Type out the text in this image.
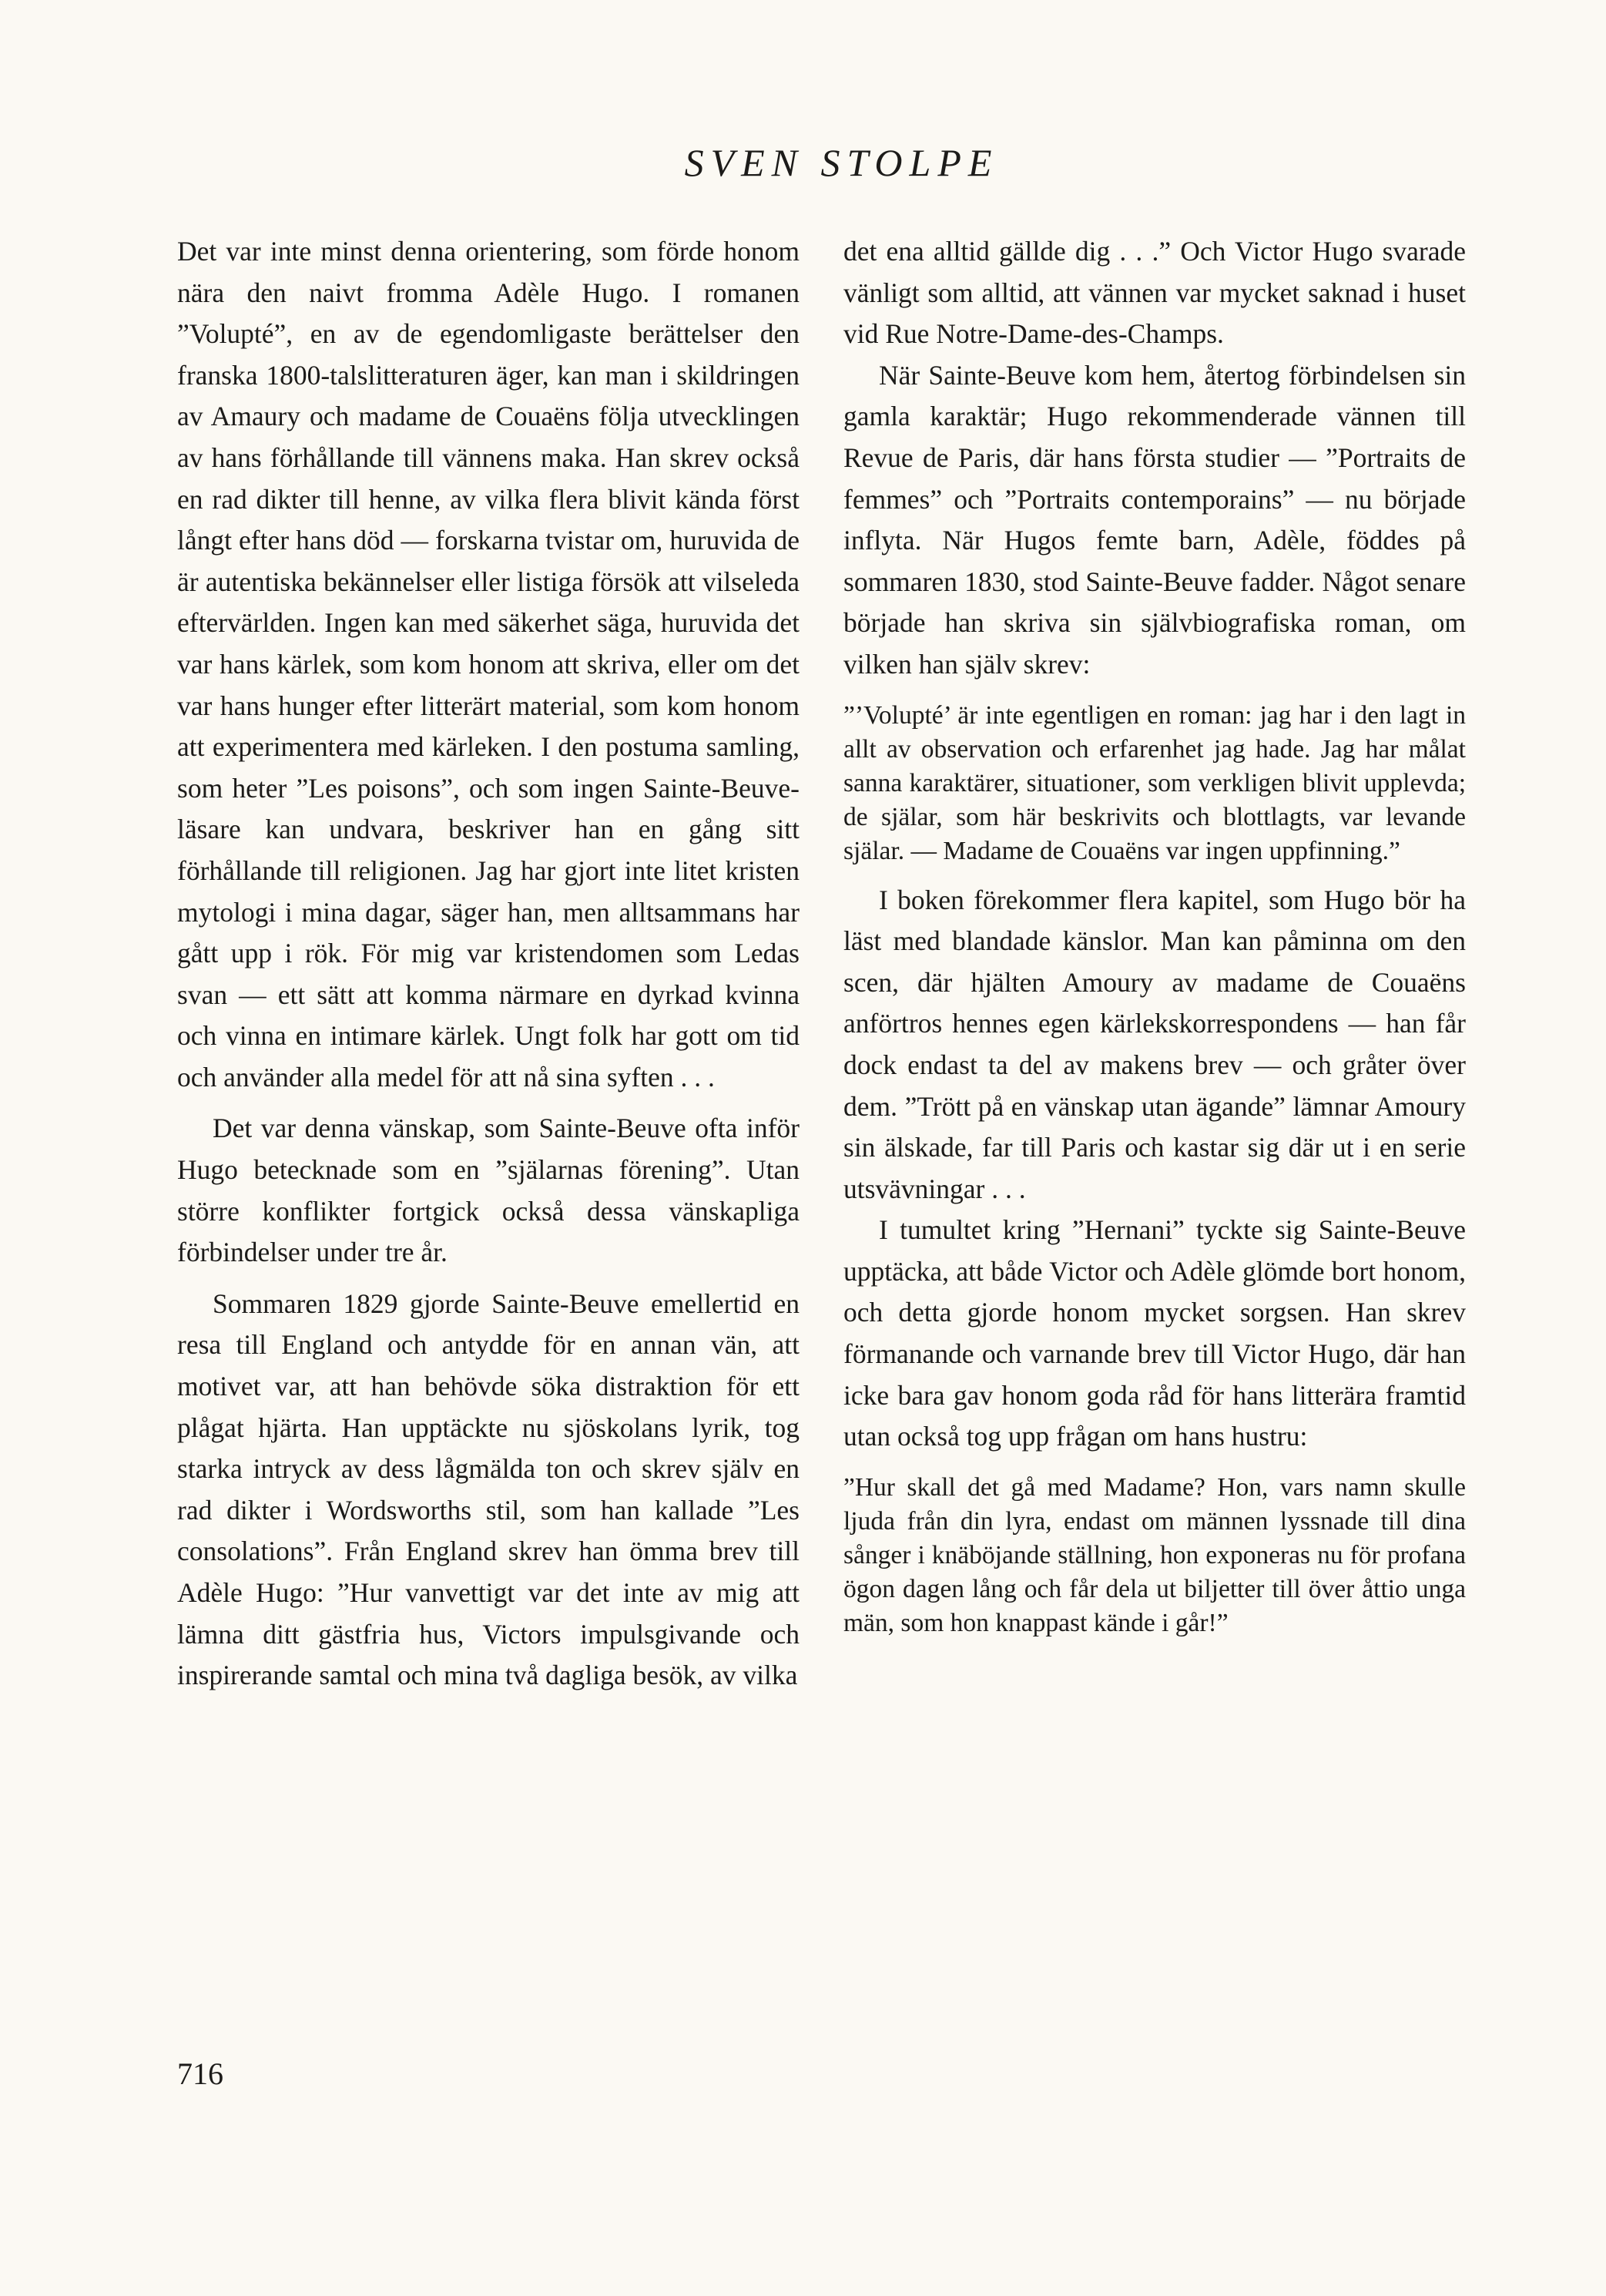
SVEN STOLPE

Det var inte minst denna orientering, som förde honom nära den naivt fromma Adèle Hugo. I romanen ”Volupté”, en av de egendomligaste berättelser den franska 1800-talslitteraturen äger, kan man i skildringen av Amaury och madame de Couaëns följa utvecklingen av hans förhållande till vännens maka. Han skrev också en rad dikter till henne, av vilka flera blivit kända först långt efter hans död — forskarna tvistar om, huruvida de är autentiska bekännelser eller listiga försök att vilseleda eftervärlden. Ingen kan med säkerhet säga, huruvida det var hans kärlek, som kom honom att skriva, eller om det var hans hunger efter litterärt material, som kom honom att experimentera med kärleken. I den postuma samling, som heter ”Les poisons”, och som ingen Sainte-Beuve-läsare kan undvara, beskriver han en gång sitt förhållande till religionen. Jag har gjort inte litet kristen mytologi i mina dagar, säger han, men alltsammans har gått upp i rök. För mig var kristendomen som Ledas svan — ett sätt att komma närmare en dyrkad kvinna och vinna en intimare kärlek. Ungt folk har gott om tid och använder alla medel för att nå sina syften . . .

Det var denna vänskap, som Sainte-Beuve ofta inför Hugo betecknade som en ”själarnas förening”. Utan större konflikter fortgick också dessa vänskapliga förbindelser under tre år.

Sommaren 1829 gjorde Sainte-Beuve emellertid en resa till England och antydde för en annan vän, att motivet var, att han behövde söka distraktion för ett plågat hjärta. Han upptäckte nu sjöskolans lyrik, tog starka intryck av dess lågmälda ton och skrev själv en rad dikter i Wordsworths stil, som han kallade ”Les consolations”. Från England skrev han ömma brev till Adèle Hugo: ”Hur vanvettigt var det inte av mig att lämna ditt gästfria hus, Victors impulsgivande och inspirerande samtal och mina två dagliga besök, av vilka

det ena alltid gällde dig . . .” Och Victor Hugo svarade vänligt som alltid, att vännen var mycket saknad i huset vid Rue Notre-Dame-des-Champs.

När Sainte-Beuve kom hem, återtog förbindelsen sin gamla karaktär; Hugo rekommenderade vännen till Revue de Paris, där hans första studier — ”Portraits de femmes” och ”Portraits contemporains” — nu började inflyta. När Hugos femte barn, Adèle, föddes på sommaren 1830, stod Sainte-Beuve fadder. Något senare började han skriva sin självbiografiska roman, om vilken han själv skrev:

”’Volupté’ är inte egentligen en roman: jag har i den lagt in allt av observation och erfarenhet jag hade. Jag har målat sanna karaktärer, situationer, som verkligen blivit upplevda; de själar, som här beskrivits och blottlagts, var levande själar. — Madame de Couaëns var ingen uppfinning.”

I boken förekommer flera kapitel, som Hugo bör ha läst med blandade känslor. Man kan påminna om den scen, där hjälten Amoury av madame de Couaëns anförtros hennes egen kärlekskorrespondens — han får dock endast ta del av makens brev — och gråter över dem. ”Trött på en vänskap utan ägande” lämnar Amoury sin älskade, far till Paris och kastar sig där ut i en serie utsvävningar . . .

I tumultet kring ”Hernani” tyckte sig Sainte-Beuve upptäcka, att både Victor och Adèle glömde bort honom, och detta gjorde honom mycket sorgsen. Han skrev förmanande och varnande brev till Victor Hugo, där han icke bara gav honom goda råd för hans litterära framtid utan också tog upp frågan om hans hustru:

”Hur skall det gå med Madame? Hon, vars namn skulle ljuda från din lyra, endast om männen lyssnade till dina sånger i knäböjande ställning, hon exponeras nu för profana ögon dagen lång och får dela ut biljetter till över åttio unga män, som hon knappast kände i går!”

716
